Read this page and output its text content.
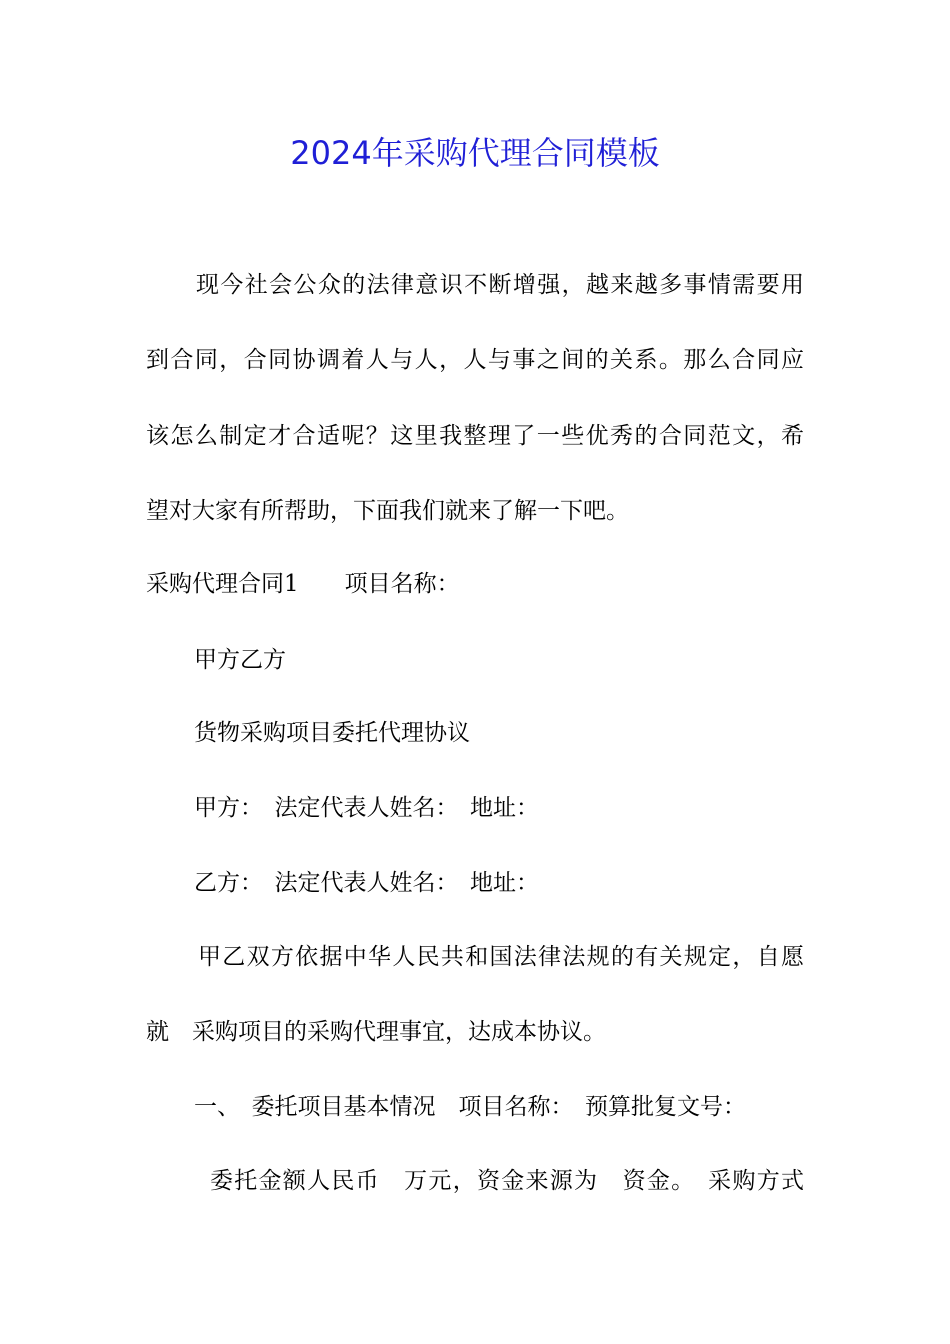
2024年采购代理合同模板
现今社会公众的法律意识不断增强，越来越多事情需要用
到合同，合同协调着人与人，人与事之间的关系。那么合同应
该怎么制定才合适呢？这里我整理了一些优秀的合同范文，希
望对大家有所帮助，下面我们就来了解一下吧。
采购代理合同1　　项目名称：
甲方乙方
货物采购项目委托代理协议
甲方：　法定代表人姓名：　地址：
乙方：　法定代表人姓名：　地址：
甲乙双方依据中华人民共和国法律法规的有关规定，自愿
就　采购项目的采购代理事宜，达成本协议。
一、　委托项目基本情况　项目名称：　预算批复文号：
委托金额人民币　万元，资金来源为　资金。　采购方式
